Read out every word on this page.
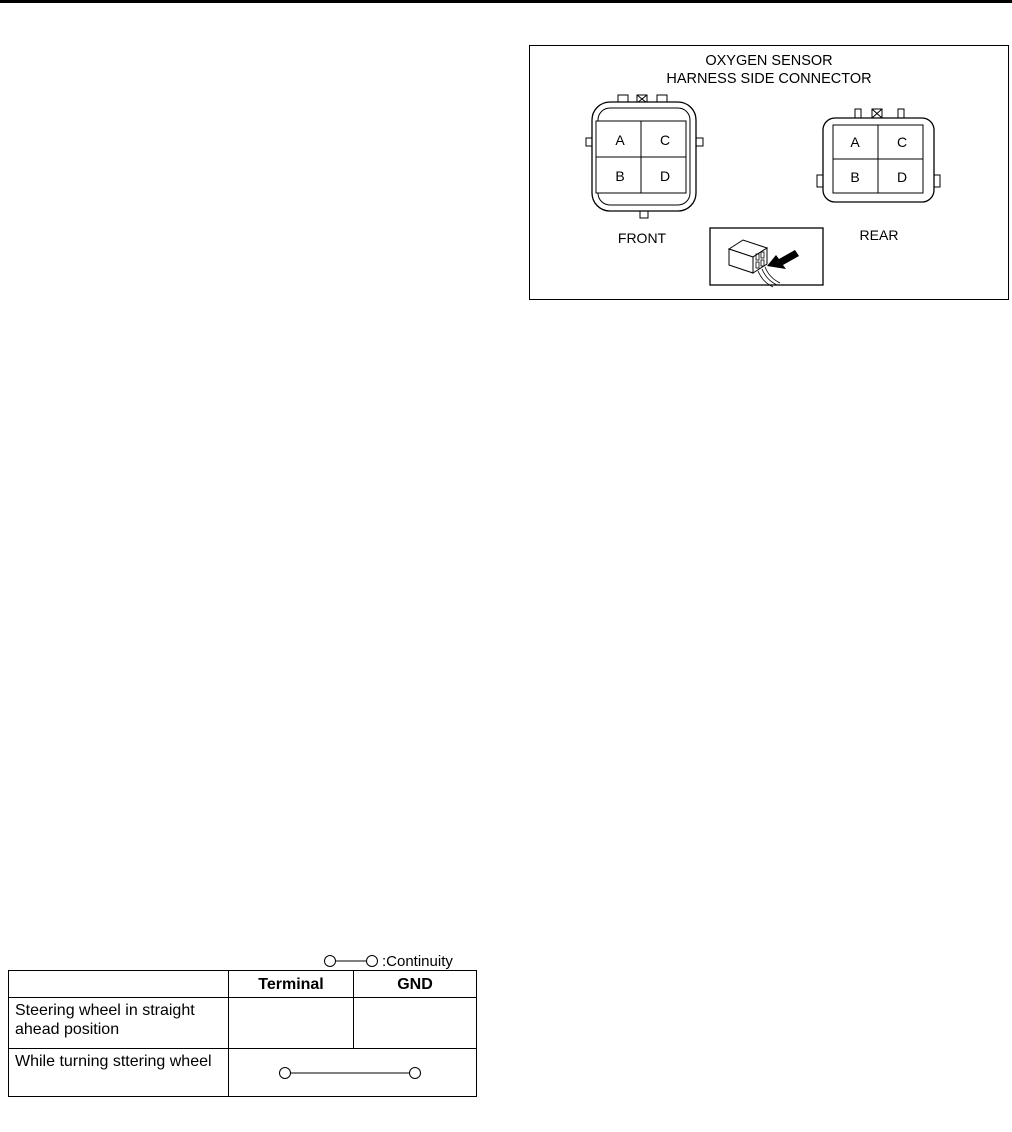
OXYGEN SENSOR
HARNESS SIDE CONNECTOR
A	C
B	D
FRONT
A	C
B	D
REAR
:Continuity
	Terminal	GND
Steering wheel in straight ahead position		
While turning sttering wheel	
